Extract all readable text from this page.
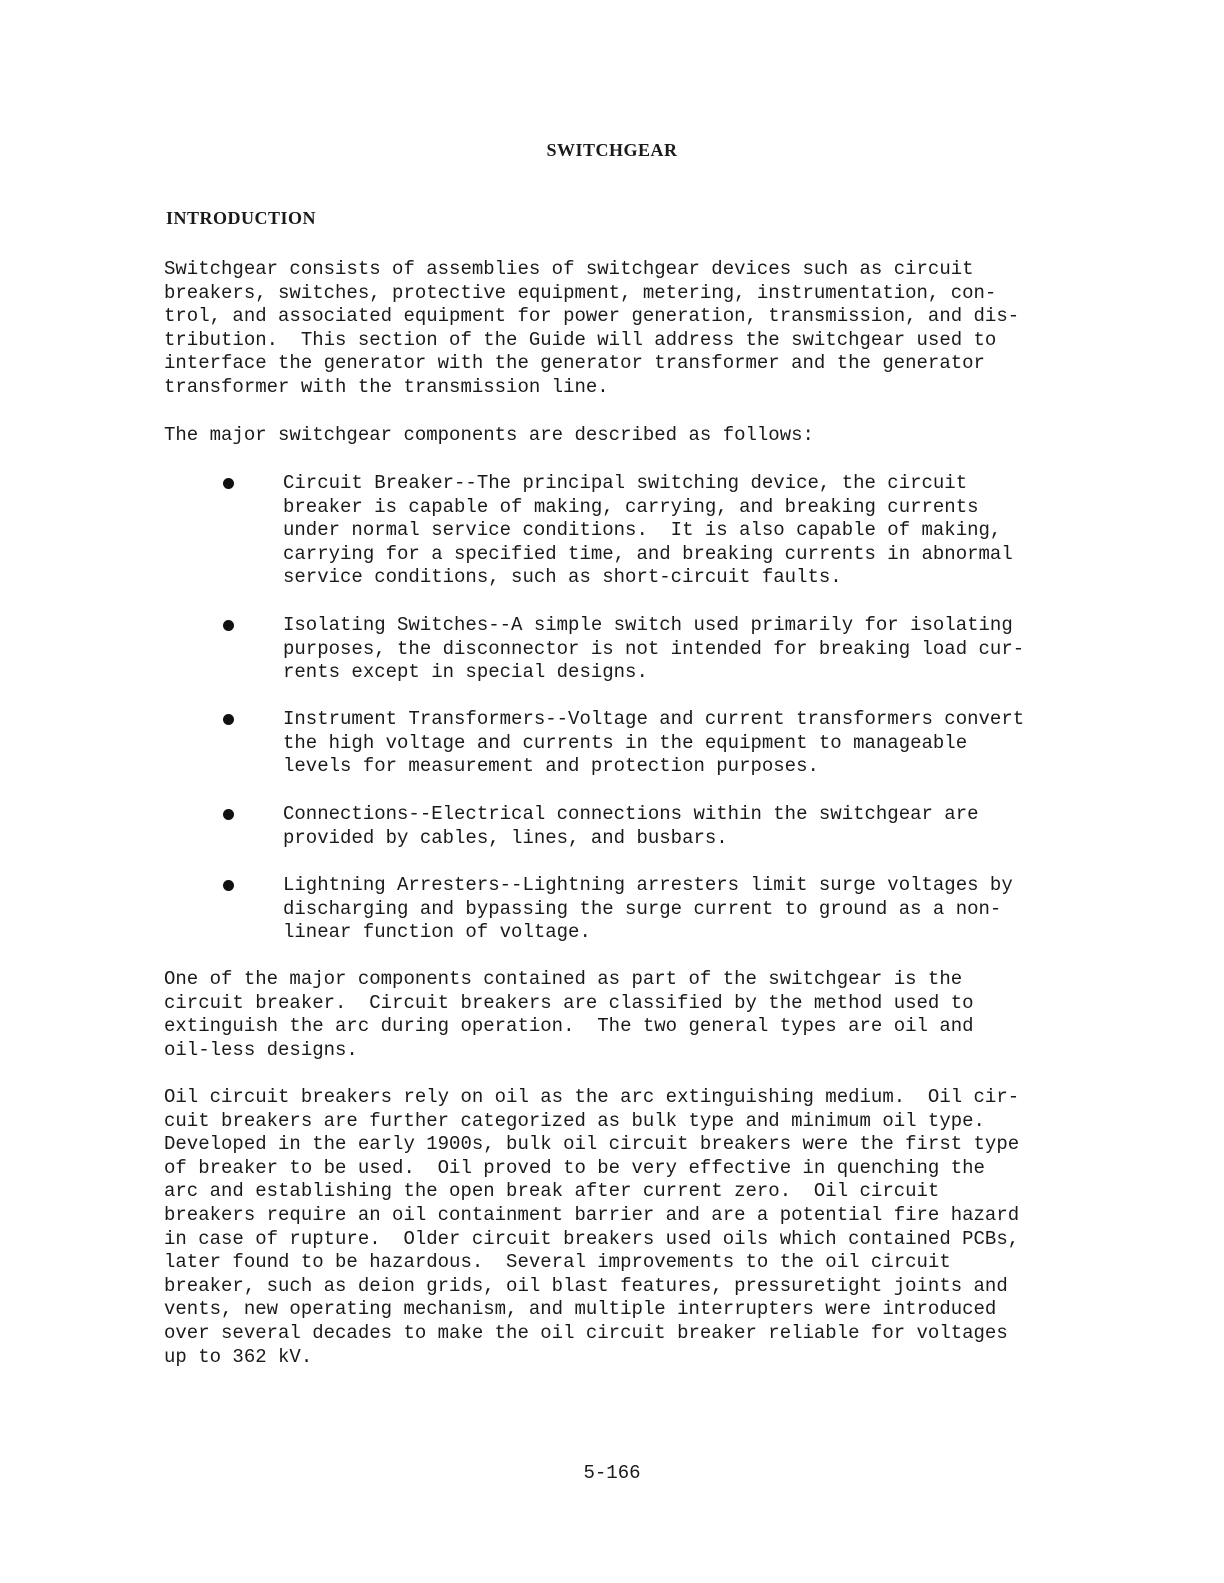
SWITCHGEAR
INTRODUCTION

Switchgear consists of assemblies of switchgear devices such as circuit
breakers, switches, protective equipment, metering, instrumentation, con-
trol, and associated equipment for power generation, transmission, and dis-
tribution.  This section of the Guide will address the switchgear used to
interface the generator with the generator transformer and the generator
transformer with the transmission line.

The major switchgear components are described as follows:

Circuit Breaker--The principal switching device, the circuit
breaker is capable of making, carrying, and breaking currents
under normal service conditions.  It is also capable of making,
carrying for a specified time, and breaking currents in abnormal
service conditions, such as short-circuit faults.

Isolating Switches--A simple switch used primarily for isolating
purposes, the disconnector is not intended for breaking load cur-
rents except in special designs.

Instrument Transformers--Voltage and current transformers convert
the high voltage and currents in the equipment to manageable
levels for measurement and protection purposes.

Connections--Electrical connections within the switchgear are
provided by cables, lines, and busbars.

Lightning Arresters--Lightning arresters limit surge voltages by
discharging and bypassing the surge current to ground as a non-
linear function of voltage.

One of the major components contained as part of the switchgear is the
circuit breaker.  Circuit breakers are classified by the method used to
extinguish the arc during operation.  The two general types are oil and
oil-less designs.

Oil circuit breakers rely on oil as the arc extinguishing medium.  Oil cir-
cuit breakers are further categorized as bulk type and minimum oil type.
Developed in the early 1900s, bulk oil circuit breakers were the first type
of breaker to be used.  Oil proved to be very effective in quenching the
arc and establishing the open break after current zero.  Oil circuit
breakers require an oil containment barrier and are a potential fire hazard
in case of rupture.  Older circuit breakers used oils which contained PCBs,
later found to be hazardous.  Several improvements to the oil circuit
breaker, such as deion grids, oil blast features, pressuretight joints and
vents, new operating mechanism, and multiple interrupters were introduced
over several decades to make the oil circuit breaker reliable for voltages
up to 362 kV.

5-166
